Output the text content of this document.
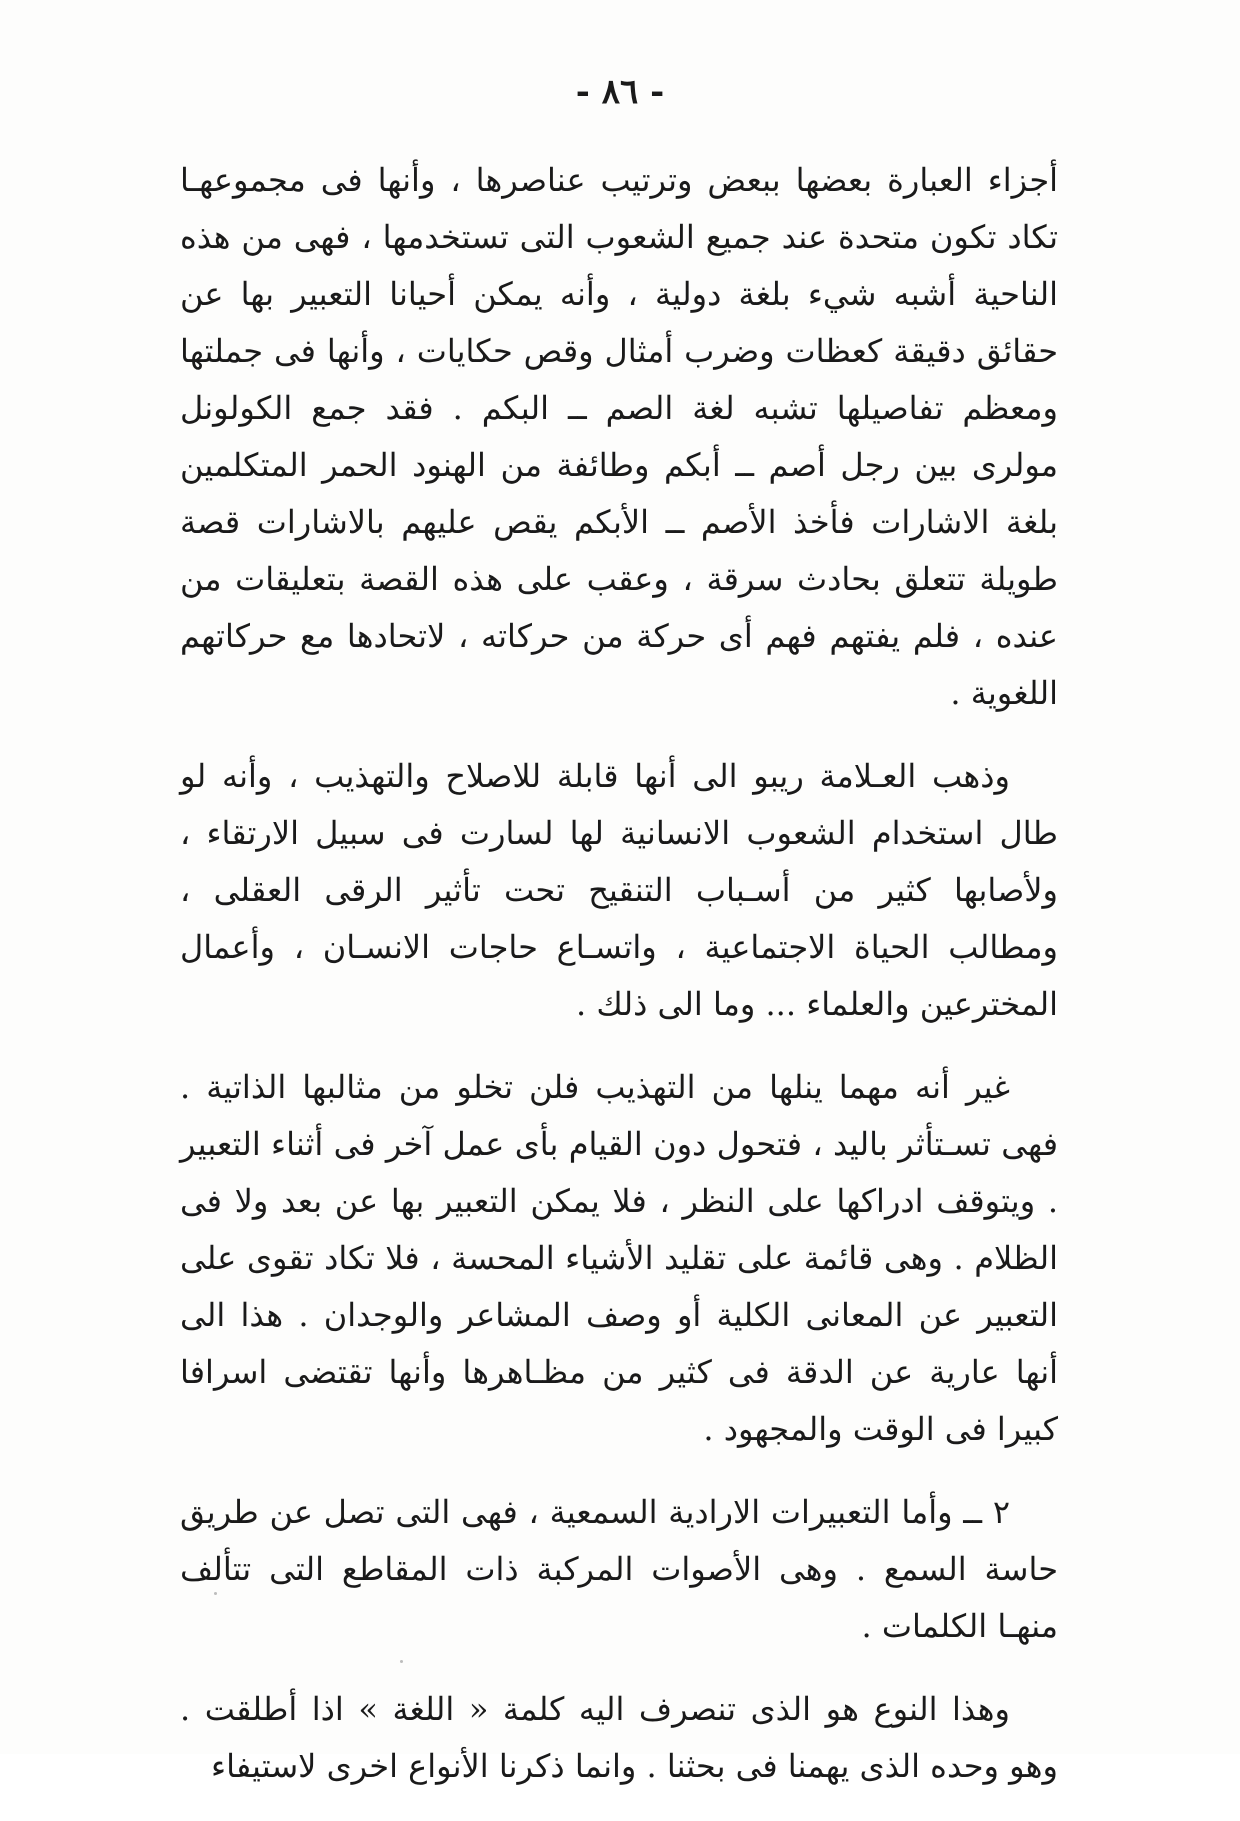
- ٨٦ -

أجزاء العبارة بعضها ببعض وترتيب عناصرها ، وأنها فى مجموعهـا تكاد تكون متحدة عند جميع الشعوب التى تستخدمها ، فهى من هذه الناحية أشبه شيء بلغة دولية ، وأنه يمكن أحيانا التعبير بها عن حقائق دقيقة كعظات وضرب أمثال وقص حكايات ، وأنها فى جملتها ومعظم تفاصيلها تشبه لغة الصم ــ البكم . فقد جمع الكولونل مولرى بين رجل أصم ــ أبكم وطائفة من الهنود الحمر المتكلمين بلغة الاشارات فأخذ الأصم ــ الأبكم يقص عليهم بالاشارات قصة طويلة تتعلق بحادث سرقة ، وعقب على هذه القصة بتعليقات من عنده ، فلم يفتهم فهم أى حركة من حركاته ، لاتحادها مع حركاتهم اللغوية .

وذهب العـلامة ريبو الى أنها قابلة للاصلاح والتهذيب ، وأنه لو طال استخدام الشعوب الانسانية لها لسارت فى سبيل الارتقاء ، ولأصابها كثير من أسـباب التنقيح تحت تأثير الرقى العقلى ، ومطالب الحياة الاجتماعية ، واتسـاع حاجات الانسـان ، وأعمال المخترعين والعلماء ... وما الى ذلك .

غير أنه مهما ينلها من التهذيب فلن تخلو من مثالبها الذاتية . فهى تسـتأثر باليد ، فتحول دون القيام بأى عمل آخر فى أثناء التعبير . ويتوقف ادراكها على النظر ، فلا يمكن التعبير بها عن بعد ولا فى الظلام . وهى قائمة على تقليد الأشياء المحسة ، فلا تكاد تقوى على التعبير عن المعانى الكلية أو وصف المشاعر والوجدان . هذا الى أنها عارية عن الدقة فى كثير من مظـاهرها وأنها تقتضى اسرافا كبيرا فى الوقت والمجهود .

٢ ــ وأما التعبيرات الارادية السمعية ، فهى التى تصل عن طريق حاسة السمع . وهى الأصوات المركبة ذات المقاطع التى تتألف منهـا الكلمات .

وهذا النوع هو الذى تنصرف اليه كلمة « اللغة » اذا أطلقت . وهو وحده الذى يهمنا فى بحثنا . وانما ذكرنا الأنواع اخرى لاستيفاء
